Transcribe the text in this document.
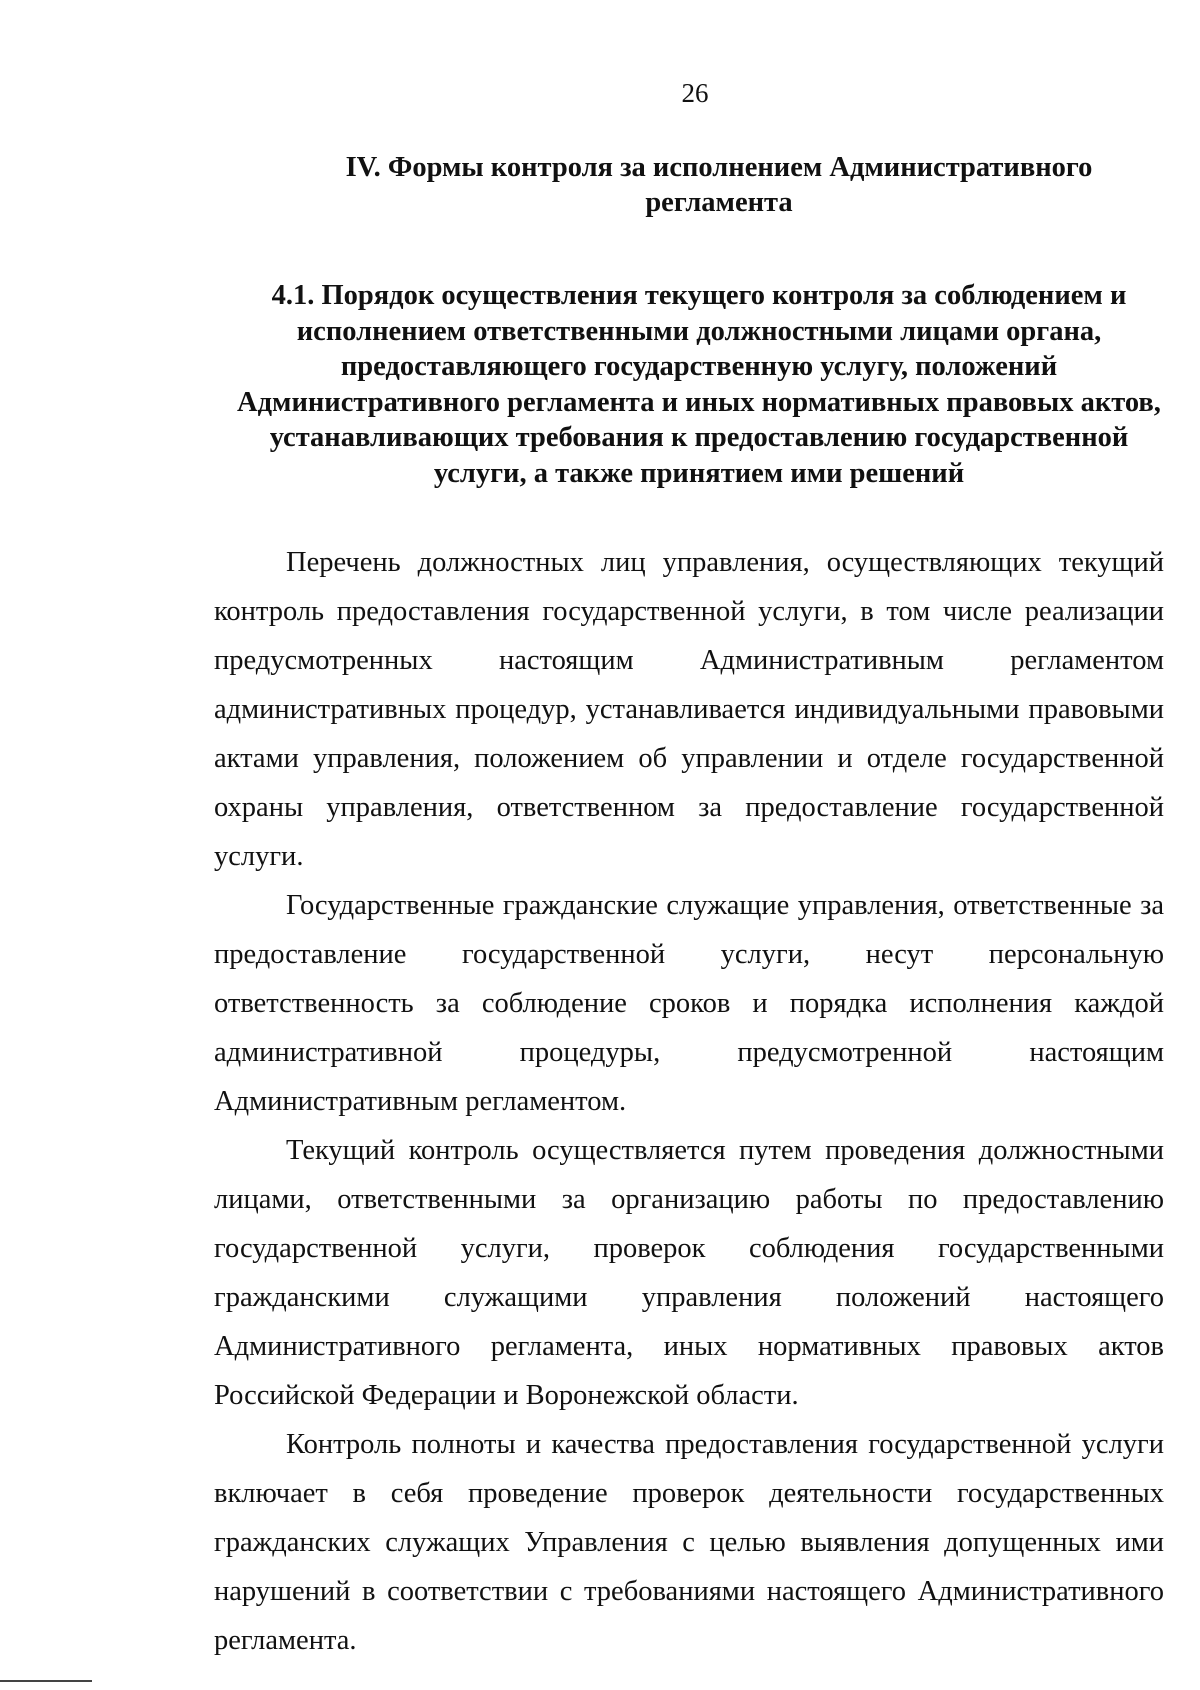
26
IV. Формы контроля за исполнением Административного регламента
4.1. Порядок осуществления текущего контроля за соблюдением и исполнением ответственными должностными лицами органа, предоставляющего государственную услугу, положений Административного регламента и иных нормативных правовых актов, устанавливающих требования к предоставлению государственной услуги, а также принятием ими решений

Перечень должностных лиц управления, осуществляющих текущий контроль предоставления государственной услуги, в том числе реализации предусмотренных настоящим Административным регламентом административных процедур, устанавливается индивидуальными правовыми актами управления, положением об управлении и отделе государственной охраны управления, ответственном за предоставление государственной услуги.

Государственные гражданские служащие управления, ответственные за предоставление государственной услуги, несут персональную ответственность за соблюдение сроков и порядка исполнения каждой административной процедуры, предусмотренной настоящим Административным регламентом.

Текущий контроль осуществляется путем проведения должностными лицами, ответственными за организацию работы по предоставлению государственной услуги, проверок соблюдения государственными гражданскими служащими управления положений настоящего Административного регламента, иных нормативных правовых актов Российской Федерации и Воронежской области.

Контроль полноты и качества предоставления государственной услуги включает в себя проведение проверок деятельности государственных гражданских служащих Управления с целью выявления допущенных ими нарушений в соответствии с требованиями настоящего Административного регламента.
